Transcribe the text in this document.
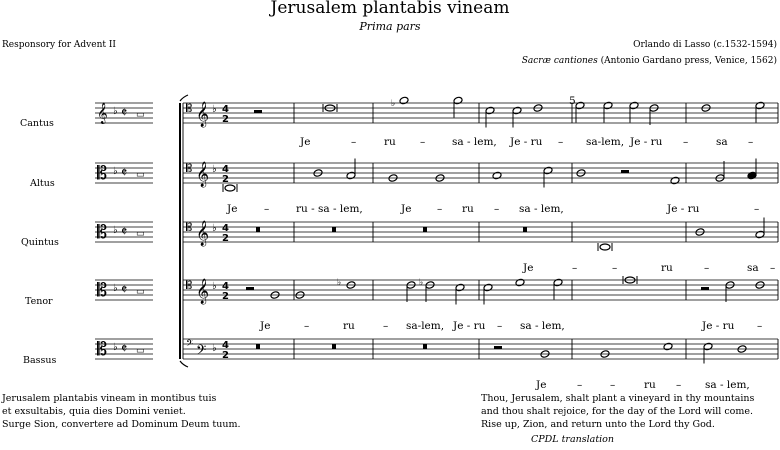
Jerusalem plantabis vineam
Prima pars
Responsory for Advent II	Orlando di Lasso (c.1532-1594)
Sacræ cantiones (Antonio Gardano press, Venice, 1562)
Cantus
Altus
Quintus
Tenor
Bassus
𝄞 ♭ 𝄵 ▭	𝄡 𝄞 ♭ 4
2
𝄡 ♭ 𝄵 ▭	𝄡 𝄞 ♭ 4
2
𝄡 ♭ 𝄵 ▭	𝄡 𝄞 ♭ 4
2
𝄡 ♭ 𝄵 ▭	𝄡 𝄞 ♭ 4
2
𝄡 ♭ 𝄵 ▭	𝄢 𝄢 ♭ 4
2
♭
♭	♭
5
Je	–	ru –	sa - lem, Je - ru – sa-lem, Je - ru –	sa –
Je	–	ru - sa - lem,	Je – ru – sa - lem,	Je - ru	–
Je	–	–	ru	–	sa –
Je	–	ru	– sa-lem, Je - ru – sa - lem,	Je - ru –
Je	–	–	ru – sa - lem,
Jerusalem plantabis vineam in montibus tuis
et exsultabis, quia dies Domini veniet.
Surge Sion, convertere ad Dominum Deum tuum.
Thou, Jerusalem, shalt plant a vineyard in thy mountains
and thou shalt rejoice, for the day of the Lord will come.
Rise up, Zion, and return unto the Lord thy God.
CPDL translation
